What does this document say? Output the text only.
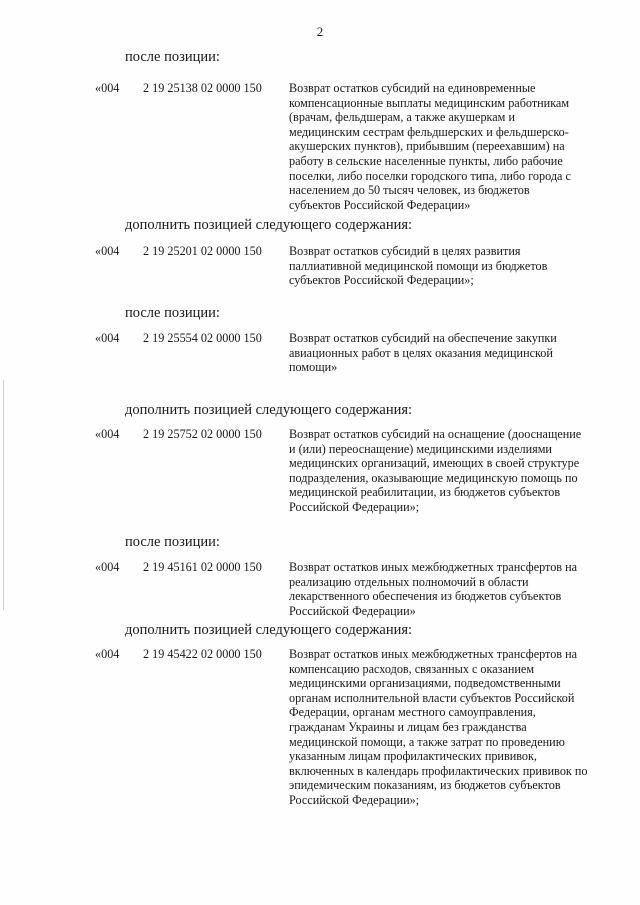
2
после позиции:
«004 2 19 25138 02 0000 150 Возврат остатков субсидий на единовременные
компенсационные выплаты медицинским работникам
(врачам, фельдшерам, а также акушеркам и
медицинским сестрам фельдшерских и фельдшерско-
акушерских пунктов), прибывшим (переехавшим) на
работу в сельские населенные пункты, либо рабочие
поселки, либо поселки городского типа, либо города с
населением до 50 тысяч человек, из бюджетов
субъектов Российской Федерации»
дополнить позицией следующего содержания:
«004 2 19 25201 02 0000 150 Возврат остатков субсидий в целях развития
паллиативной медицинской помощи из бюджетов
субъектов Российской Федерации»;
после позиции:
«004 2 19 25554 02 0000 150 Возврат остатков субсидий на обеспечение закупки
авиационных работ в целях оказания медицинской
помощи»
дополнить позицией следующего содержания:
«004 2 19 25752 02 0000 150 Возврат остатков субсидий на оснащение (дооснащение
и (или) переоснащение) медицинскими изделиями
медицинских организаций, имеющих в своей структуре
подразделения, оказывающие медицинскую помощь по
медицинской реабилитации, из бюджетов субъектов
Российской Федерации»;
после позиции:
«004 2 19 45161 02 0000 150 Возврат остатков иных межбюджетных трансфертов на
реализацию отдельных полномочий в области
лекарственного обеспечения из бюджетов субъектов
Российской Федерации»
дополнить позицией следующего содержания:
«004 2 19 45422 02 0000 150 Возврат остатков иных межбюджетных трансфертов на
компенсацию расходов, связанных с оказанием
медицинскими организациями, подведомственными
органам исполнительной власти субъектов Российской
Федерации, органам местного самоуправления,
гражданам Украины и лицам без гражданства
медицинской помощи, а также затрат по проведению
указанным лицам профилактических прививок,
включенных в календарь профилактических прививок по
эпидемическим показаниям, из бюджетов субъектов
Российской Федерации»;
